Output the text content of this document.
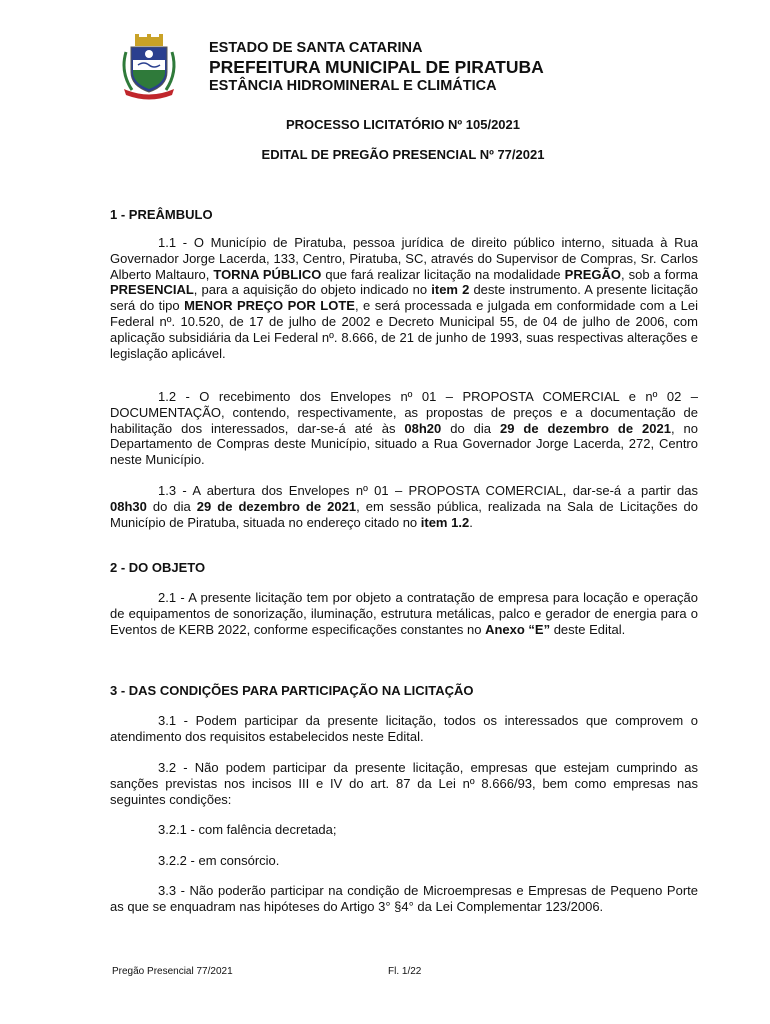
ESTADO DE SANTA CATARINA
PREFEITURA MUNICIPAL DE PIRATUBA
ESTÂNCIA HIDROMINERAL E CLIMÁTICA
PROCESSO LICITATÓRIO Nº 105/2021
EDITAL DE PREGÃO PRESENCIAL Nº 77/2021
1 - PREÂMBULO

1.1 - O Município de Piratuba, pessoa jurídica de direito público interno, situada à Rua Governador Jorge Lacerda, 133, Centro, Piratuba, SC, através do Supervisor de Compras, Sr. Carlos Alberto Maltauro, TORNA PÚBLICO que fará realizar licitação na modalidade PREGÃO, sob a forma PRESENCIAL, para a aquisição do objeto indicado no item 2 deste instrumento. A presente licitação será do tipo MENOR PREÇO POR LOTE, e será processada e julgada em conformidade com a Lei Federal nº. 10.520, de 17 de julho de 2002 e Decreto Municipal 55, de 04 de julho de 2006, com aplicação subsidiária da Lei Federal nº. 8.666, de 21 de junho de 1993, suas respectivas alterações e legislação aplicável.

1.2 - O recebimento dos Envelopes nº 01 – PROPOSTA COMERCIAL e nº 02 – DOCUMENTAÇÃO, contendo, respectivamente, as propostas de preços e a documentação de habilitação dos interessados, dar-se-á até às 08h20 do dia 29 de dezembro de 2021, no Departamento de Compras deste Município, situado a Rua Governador Jorge Lacerda, 272, Centro neste Município.

1.3 - A abertura dos Envelopes nº 01 – PROPOSTA COMERCIAL, dar-se-á a partir das 08h30 do dia 29 de dezembro de 2021, em sessão pública, realizada na Sala de Licitações do Município de Piratuba, situada no endereço citado no item 1.2.

2 - DO OBJETO

2.1 - A presente licitação tem por objeto a contratação de empresa para locação e operação de equipamentos de sonorização, iluminação, estrutura metálicas, palco e gerador de energia para o Eventos de KERB 2022, conforme especificações constantes no Anexo “E” deste Edital.

3 - DAS CONDIÇÕES PARA PARTICIPAÇÃO NA LICITAÇÃO

3.1 - Podem participar da presente licitação, todos os interessados que comprovem o atendimento dos requisitos estabelecidos neste Edital.

3.2 - Não podem participar da presente licitação, empresas que estejam cumprindo as sanções previstas nos incisos III e IV do art. 87 da Lei nº 8.666/93, bem como empresas nas seguintes condições:

3.2.1 - com falência decretada;
3.2.2 - em consórcio.

3.3 - Não poderão participar na condição de Microempresas e Empresas de Pequeno Porte as que se enquadram nas hipóteses do Artigo 3° §4° da Lei Complementar 123/2006.

Pregão Presencial 77/2021	Fl. 1/22
